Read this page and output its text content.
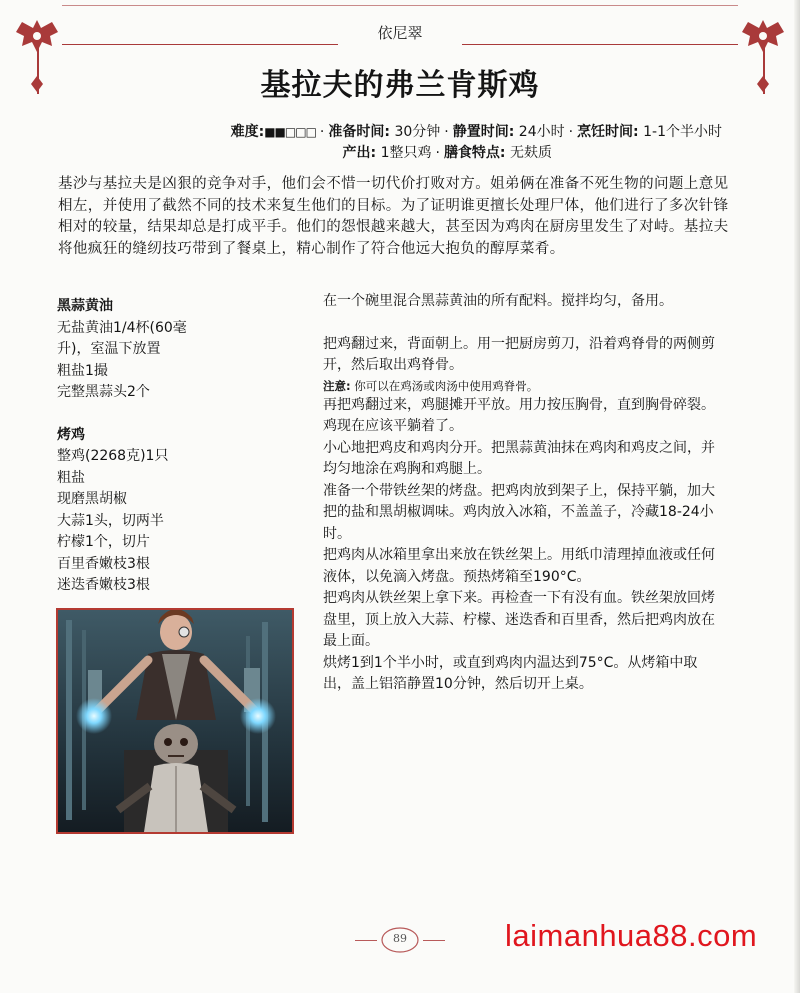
依尼翠
基拉夫的弗兰肯斯鸡
难度:■■□□□ · 准备时间: 30分钟 · 静置时间: 24小时 · 烹饪时间: 1-1个半小时
产出: 1整只鸡 · 膳食特点: 无麸质
基沙与基拉夫是凶狠的竞争对手，他们会不惜一切代价打败对方。姐弟俩在准备不死生物的问题上意见相左，并使用了截然不同的技术来复生他们的目标。为了证明谁更擅长处理尸体，他们进行了多次针锋相对的较量，结果却总是打成平手。他们的怨恨越来越大，甚至因为鸡肉在厨房里发生了对峙。基拉夫将他疯狂的缝纫技巧带到了餐桌上，精心制作了符合他远大抱负的醇厚菜肴。
黑蒜黄油
无盐黄油1/4杯(60毫升)，室温下放置
粗盐1撮
完整黑蒜头2个
烤鸡
整鸡(2268克)1只
粗盐
现磨黑胡椒
大蒜1头，切两半
柠檬1个，切片
百里香嫩枝3根
迷迭香嫩枝3根

在一个碗里混合黑蒜黄油的所有配料。搅拌均匀，备用。

把鸡翻过来，背面朝上。用一把厨房剪刀，沿着鸡脊骨的两侧剪开，然后取出鸡脊骨。

注意: 你可以在鸡汤或肉汤中使用鸡脊骨。

再把鸡翻过来，鸡腿摊开平放。用力按压胸骨，直到胸骨碎裂。鸡现在应该平躺着了。

小心地把鸡皮和鸡肉分开。把黑蒜黄油抹在鸡肉和鸡皮之间，并均匀地涂在鸡胸和鸡腿上。

准备一个带铁丝架的烤盘。把鸡肉放到架子上，保持平躺，加大把的盐和黑胡椒调味。鸡肉放入冰箱，不盖盖子，冷藏18-24小时。

把鸡肉从冰箱里拿出来放在铁丝架上。用纸巾清理掉血液或任何液体，以免滴入烤盘。预热烤箱至190°C。

把鸡肉从铁丝架上拿下来。再检查一下有没有血。铁丝架放回烤盘里，顶上放入大蒜、柠檬、迷迭香和百里香，然后把鸡肉放在最上面。

烘烤1到1个半小时，或直到鸡肉内温达到75°C。从烤箱中取出，盖上铝箔静置10分钟，然后切开上桌。

89	laimanhua88.com
